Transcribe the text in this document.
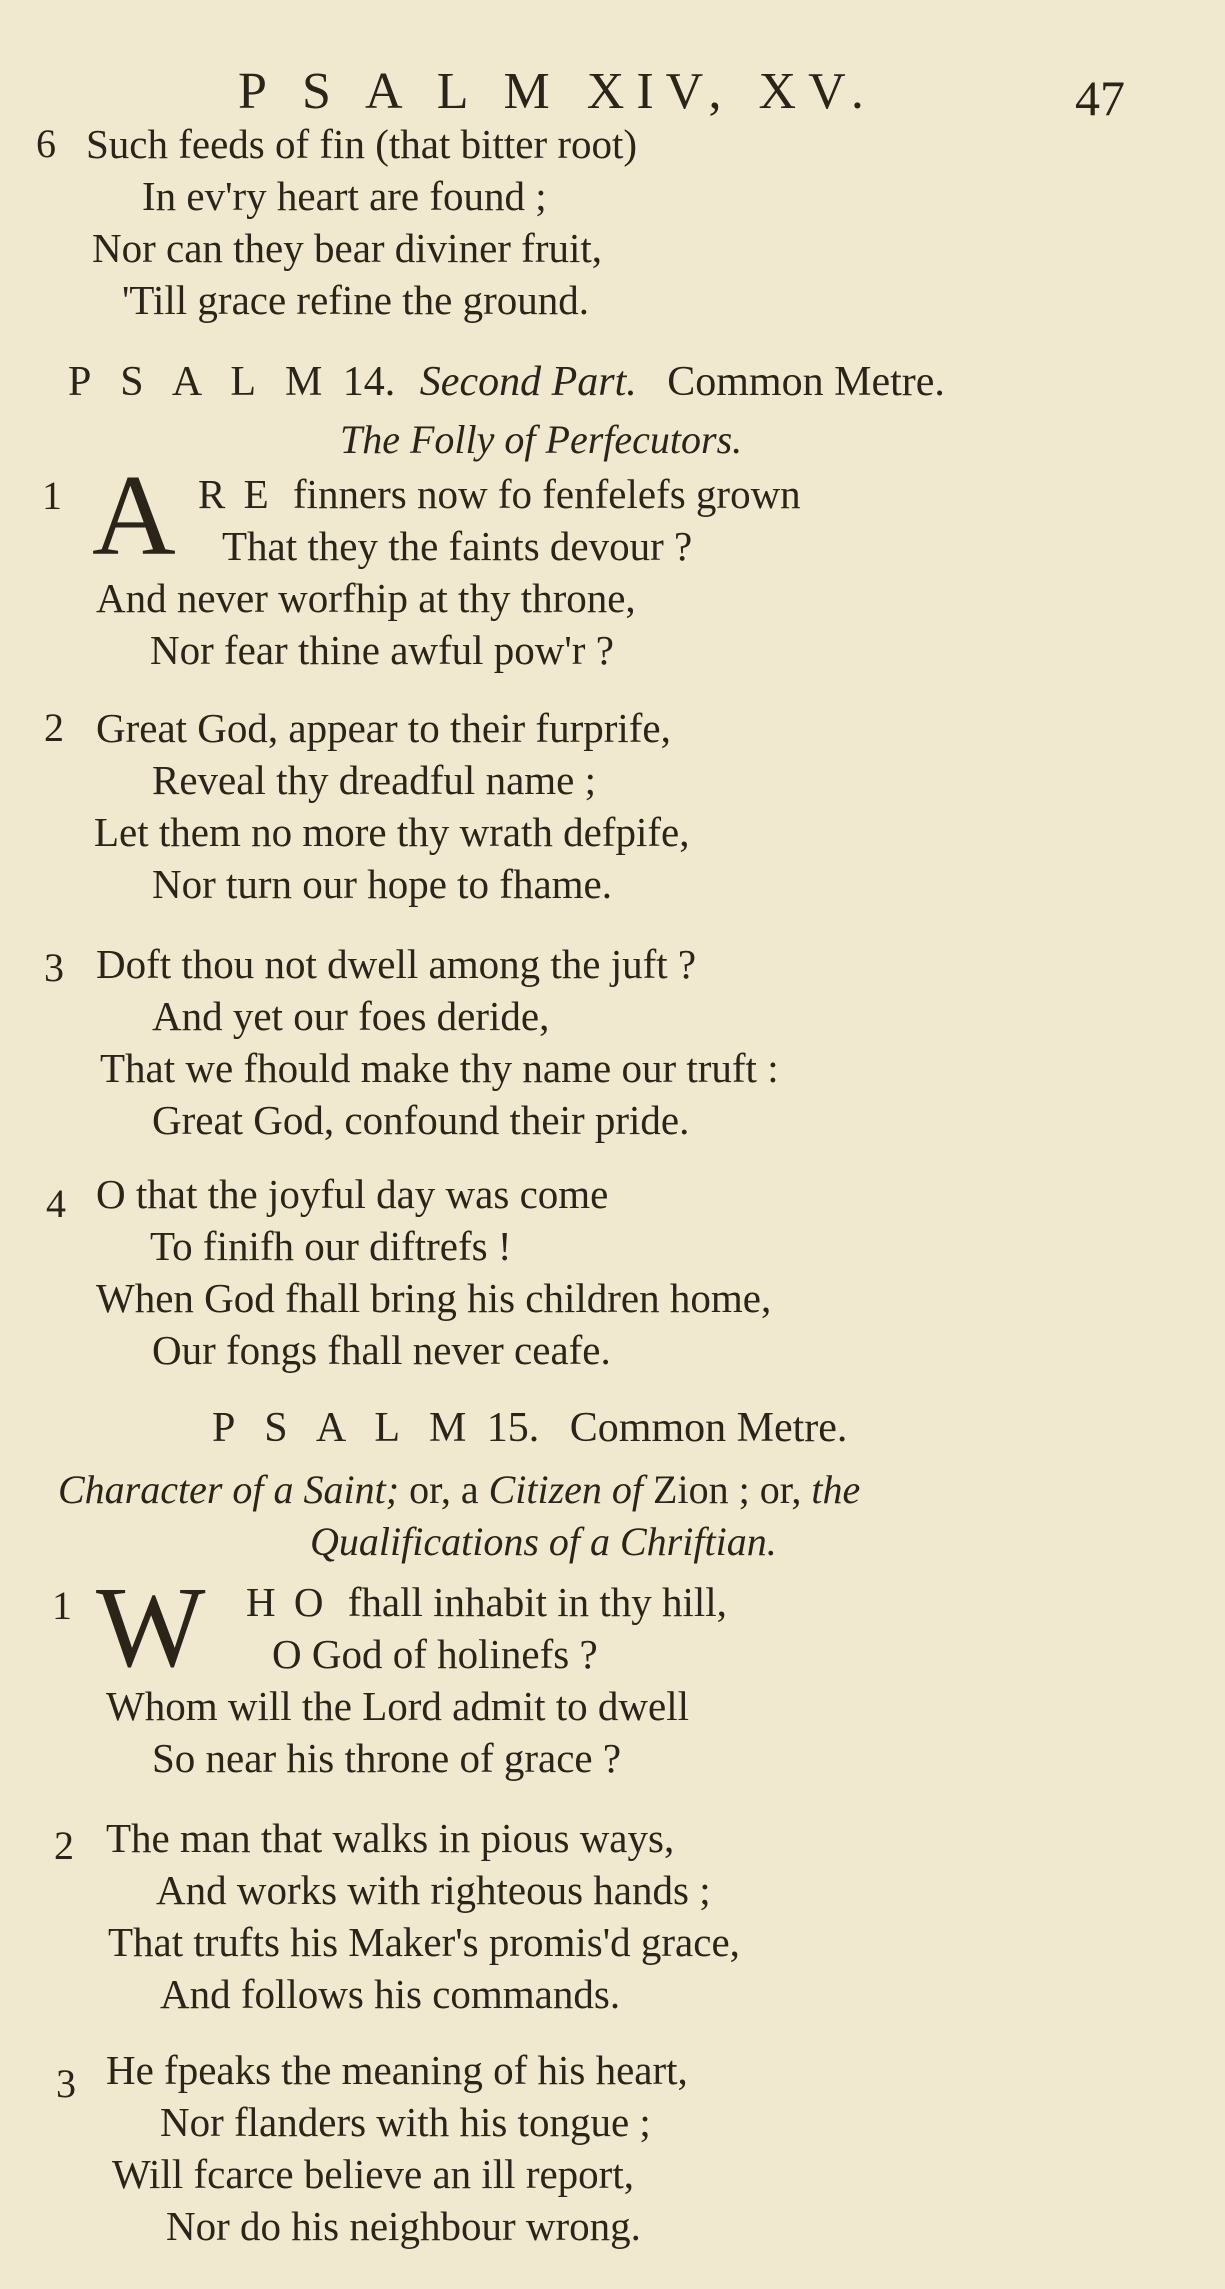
P S A L M XIV, XV.	47
6 Such feeds of fin (that bitter root)
In ev'ry heart are found ;
Nor can they bear diviner fruit,
'Till grace refine the ground.
P S A L M 14. Second Part. Common Metre.
The Folly of Perfecutors.
1 A R E finners now fo fenfelefs grown
That they the faints devour ?
And never worfhip at thy throne,
Nor fear thine awful pow'r ?
2 Great God, appear to their furprife,
Reveal thy dreadful name ;
Let them no more thy wrath defpife,
Nor turn our hope to fhame.
3 Doft thou not dwell among the juft ?
And yet our foes deride,
That we fhould make thy name our truft :
Great God, confound their pride.
4 O that the joyful day was come
To finifh our diftrefs !
When God fhall bring his children home,
Our fongs fhall never ceafe.
P S A L M 15. Common Metre.
Character of a Saint; or, a Citizen of Zion ; or, the
Qualifications of a Chriftian.
1 W H O fhall inhabit in thy hill,
O God of holinefs ?
Whom will the Lord admit to dwell
So near his throne of grace ?
2 The man that walks in pious ways,
And works with righteous hands ;
That trufts his Maker's promis'd grace,
And follows his commands.
3 He fpeaks the meaning of his heart,
Nor flanders with his tongue ;
Will fcarce believe an ill report,
Nor do his neighbour wrong.
